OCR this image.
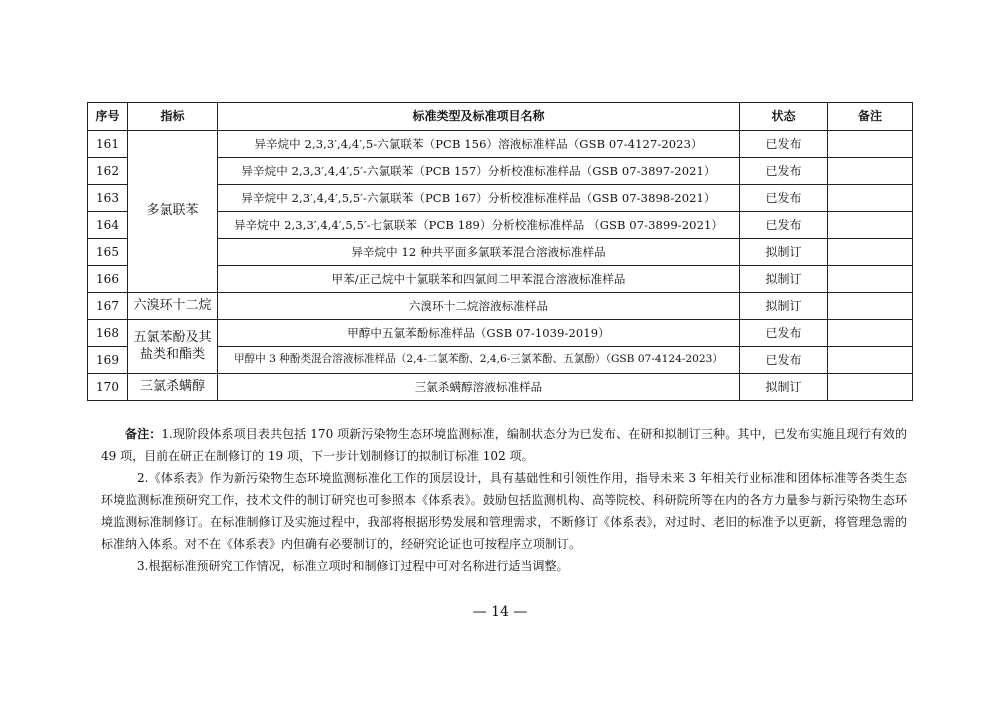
序号	指标	标准类型及标准项目名称	状态	备注
161	多氯联苯	异辛烷中 2,3,3′,4,4′,5-六氯联苯（PCB 156）溶液标准样品（GSB 07-4127-2023）	已发布	
162		异辛烷中 2,3,3′,4,4′,5′-六氯联苯（PCB 157）分析校准标准样品（GSB 07-3897-2021）	已发布	
163		异辛烷中 2,3′,4,4′,5,5′-六氯联苯（PCB 167）分析校准标准样品（GSB 07-3898-2021）	已发布	
164		异辛烷中 2,3,3′,4,4′,5,5′-七氯联苯（PCB 189）分析校准标准样品 （GSB 07-3899-2021）	已发布	
165		异辛烷中 12 种共平面多氯联苯混合溶液标准样品	拟制订	
166		甲苯/正己烷中十氯联苯和四氯间二甲苯混合溶液标准样品	拟制订	
167	六溴环十二烷	六溴环十二烷溶液标准样品	拟制订	
168	五氯苯酚及其盐类和酯类	甲醇中五氯苯酚标准样品（GSB 07-1039-2019）	已发布	
169		甲醇中 3 种酚类混合溶液标准样品（2,4-二氯苯酚、2,4,6-三氯苯酚、五氯酚）（GSB 07-4124-2023）	已发布	
170	三氯杀螨醇	三氯杀螨醇溶液标准样品	拟制订	

备注：1.现阶段体系项目表共包括 170 项新污染物生态环境监测标准，编制状态分为已发布、在研和拟制订三种。其中，已发布实施且现行有效的 49 项，目前在研正在制修订的 19 项，下一步计划制修订的拟制订标准 102 项。

2.《体系表》作为新污染物生态环境监测标准化工作的顶层设计，具有基础性和引领性作用，指导未来 3 年相关行业标准和团体标准等各类生态环境监测标准预研究工作，技术文件的制订研究也可参照本《体系表》。鼓励包括监测机构、高等院校、科研院所等在内的各方力量参与新污染物生态环境监测标准制修订。在标准制修订及实施过程中，我部将根据形势发展和管理需求，不断修订《体系表》，对过时、老旧的标准予以更新，将管理急需的标准纳入体系。对不在《体系表》内但确有必要制订的，经研究论证也可按程序立项制订。

3.根据标准预研究工作情况，标准立项时和制修订过程中可对名称进行适当调整。

— 14 —
